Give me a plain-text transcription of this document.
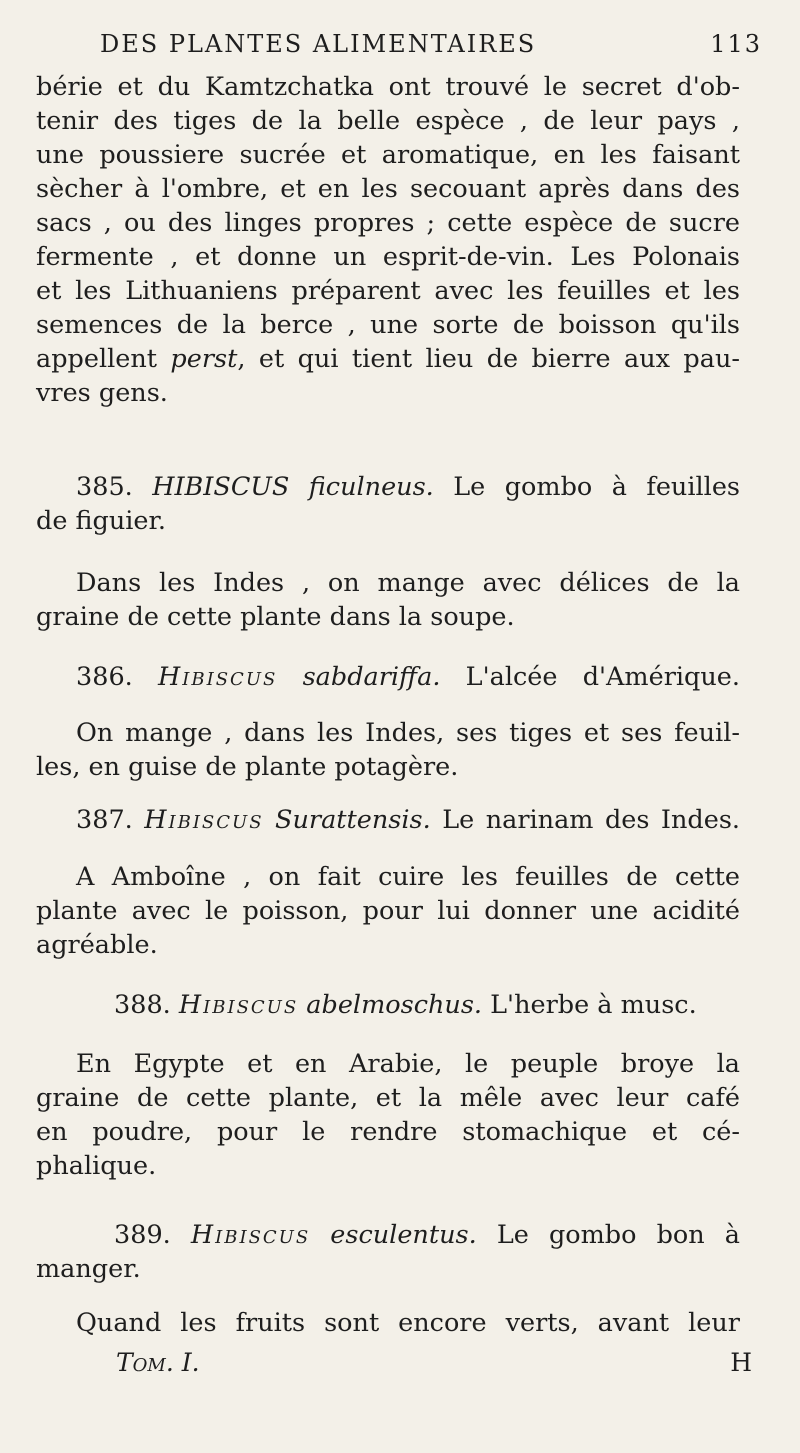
DES PLANTES ALIMENTAIRES	113
bérie et du Kamtzchatka ont trouvé le secret d'ob-
tenir des tiges de la belle espèce , de leur pays ,
une poussiere sucrée et aromatique, en les faisant
sècher à l'ombre, et en les secouant après dans des
sacs , ou des linges propres ; cette espèce de sucre
fermente , et donne un esprit-de-vin. Les Polonais
et les Lithuaniens préparent avec les feuilles et les
semences de la berce , une sorte de boisson qu'ils
appellent perst, et qui tient lieu de bierre aux pau-
vres gens.
385. HIBISCUS ficulneus. Le gombo à feuilles
de figuier.
Dans les Indes , on mange avec délices de la
graine de cette plante dans la soupe.
386. Hibiscus sabdariffa. L'alcée d'Amérique.
On mange , dans les Indes, ses tiges et ses feuil-
les, en guise de plante potagère.
387. Hibiscus Surattensis. Le narinam des Indes.
A Amboîne , on fait cuire les feuilles de cette
plante avec le poisson, pour lui donner une acidité
agréable.
388. Hibiscus abelmoschus. L'herbe à musc.
En Egypte et en Arabie, le peuple broye la
graine de cette plante, et la mêle avec leur café
en poudre, pour le rendre stomachique et cé-
phalique.
389. Hibiscus esculentus. Le gombo bon à
manger.
Quand les fruits sont encore verts, avant leur
Tom. I.	H
